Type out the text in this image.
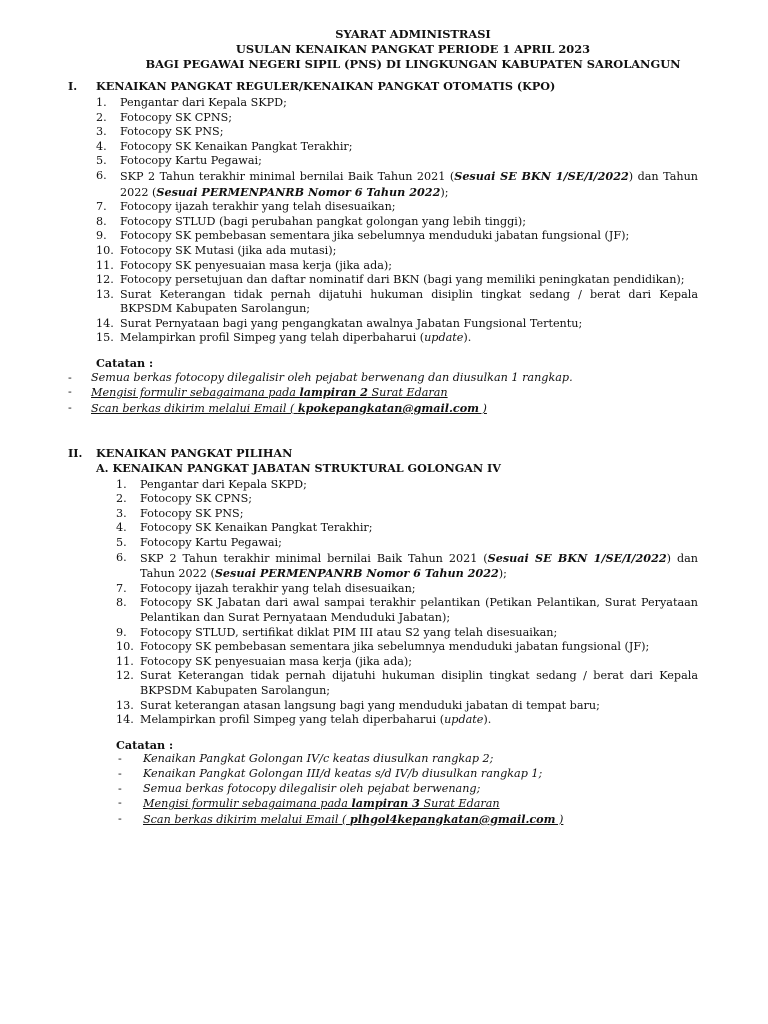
SYARAT ADMINISTRASI
USULAN KENAIKAN PANGKAT PERIODE 1 APRIL 2023
BAGI PEGAWAI NEGERI SIPIL (PNS) DI LINGKUNGAN KABUPATEN SAROLANGUN
I.	KENAIKAN PANGKAT REGULER/KENAIKAN PANGKAT OTOMATIS (KPO)
1.	Pengantar dari Kepala SKPD;
2.	Fotocopy SK CPNS;
3.	Fotocopy SK PNS;
4.	Fotocopy SK Kenaikan Pangkat Terakhir;
5.	Fotocopy Kartu Pegawai;
6.	SKP 2 Tahun terakhir minimal bernilai Baik Tahun 2021 (Sesuai SE BKN 1/SE/I/2022) dan Tahun 2022 (Sesuai PERMENPANRB Nomor 6 Tahun 2022);
7.	Fotocopy ijazah terakhir yang telah disesuaikan;
8.	Fotocopy STLUD (bagi perubahan pangkat golongan yang lebih tinggi);
9.	Fotocopy SK pembebasan sementara jika sebelumnya menduduki jabatan fungsional (JF);
10. Fotocopy SK Mutasi (jika ada mutasi);
11. Fotocopy SK penyesuaian masa kerja (jika ada);
12. Fotocopy persetujuan dan daftar nominatif dari BKN (bagi yang memiliki peningkatan pendidikan);
13. Surat Keterangan tidak pernah dijatuhi hukuman disiplin tingkat sedang / berat dari Kepala BKPSDM Kabupaten Sarolangun;
14. Surat Pernyataan bagi yang pengangkatan awalnya Jabatan Fungsional Tertentu;
15. Melampirkan profil Simpeg yang telah diperbaharui (update).
Catatan :
-	Semua berkas fotocopy dilegalisir oleh pejabat berwenang dan diusulkan 1 rangkap.
-	Mengisi formulir sebagaimana pada lampiran 2 Surat Edaran
-	Scan berkas dikirim melalui Email ( kpokepangkatan@gmail.com )
II.	KENAIKAN PANGKAT PILIHAN
A. KENAIKAN PANGKAT JABATAN STRUKTURAL GOLONGAN IV
1.	Pengantar dari Kepala SKPD;
2.	Fotocopy SK CPNS;
3.	Fotocopy SK PNS;
4.	Fotocopy SK Kenaikan Pangkat Terakhir;
5.	Fotocopy Kartu Pegawai;
6.	SKP 2 Tahun terakhir minimal bernilai Baik Tahun 2021 (Sesuai SE BKN 1/SE/I/2022) dan Tahun 2022 (Sesuai PERMENPANRB Nomor 6 Tahun 2022);
7.	Fotocopy ijazah terakhir yang telah disesuaikan;
8.	Fotocopy SK Jabatan dari awal sampai terakhir pelantikan (Petikan Pelantikan, Surat Peryataan Pelantikan dan Surat Pernyataan Menduduki Jabatan);
9.	Fotocopy STLUD, sertifikat diklat PIM III atau S2 yang telah disesuaikan;
10. Fotocopy SK pembebasan sementara jika sebelumnya menduduki jabatan fungsional (JF);
11. Fotocopy SK penyesuaian masa kerja (jika ada);
12. Surat Keterangan tidak pernah dijatuhi hukuman disiplin tingkat sedang / berat dari Kepala BKPSDM Kabupaten Sarolangun;
13. Surat keterangan atasan langsung bagi yang menduduki jabatan di tempat baru;
14. Melampirkan profil Simpeg yang telah diperbaharui (update).
Catatan :
-	Kenaikan Pangkat Golongan IV/c keatas diusulkan rangkap 2;
-	Kenaikan Pangkat Golongan III/d keatas s/d IV/b diusulkan rangkap 1;
-	Semua berkas fotocopy dilegalisir oleh pejabat berwenang;
-	Mengisi formulir sebagaimana pada lampiran 3 Surat Edaran
-	Scan berkas dikirim melalui Email ( plhgol4kepangkatan@gmail.com )
